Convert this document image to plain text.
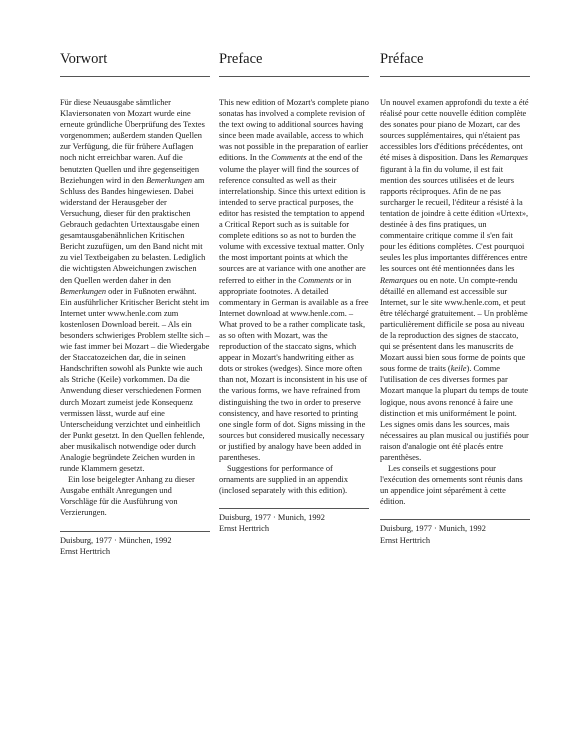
Vorwort

Für diese Neuausgabe sämtlicher Klaviersonaten von Mozart wurde eine erneute gründliche Überprüfung des Textes vorgenommen; außerdem standen Quellen zur Verfügung, die für frühere Auflagen noch nicht erreichbar waren. Auf die benutzten Quellen und ihre gegenseitigen Beziehungen wird in den Bemerkungen am Schluss des Bandes hingewiesen. Dabei widerstand der Herausgeber der Versuchung, dieser für den praktischen Gebrauch gedachten Urtextausgabe einen gesamtausgabenähnlichen Kritischen Bericht zuzufügen, um den Band nicht mit zu viel Textbeigaben zu belasten. Lediglich die wichtigsten Abweichungen zwischen den Quellen werden daher in den Bemerkungen oder in Fußnoten erwähnt. Ein ausführlicher Kritischer Bericht steht im Internet unter www.henle.com zum kostenlosen Download bereit. – Als ein besonders schwieriges Problem stellte sich – wie fast immer bei Mozart – die Wiedergabe der Staccatozeichen dar, die in seinen Handschriften sowohl als Punkte wie auch als Striche (Keile) vorkommen. Da die Anwendung dieser verschiedenen Formen durch Mozart zumeist jede Konsequenz vermissen lässt, wurde auf eine Unterscheidung verzichtet und einheitlich der Punkt gesetzt. In den Quellen fehlende, aber musikalisch notwendige oder durch Analogie begründete Zeichen wurden in runde Klammern gesetzt.

Ein lose beigelegter Anhang zu dieser Ausgabe enthält Anregungen und Vorschläge für die Ausführung von Verzierungen.

Duisburg, 1977 · München, 1992

Ernst Herttrich

Preface

This new edition of Mozart's complete piano sonatas has involved a complete revision of the text owing to additional sources having since been made available, access to which was not possible in the preparation of earlier editions. In the Comments at the end of the volume the player will find the sources of reference consulted as well as their interrelationship. Since this urtext edition is intended to serve practical purposes, the editor has resisted the temptation to append a Critical Report such as is suitable for complete editions so as not to burden the volume with excessive textual matter. Only the most important points at which the sources are at variance with one another are referred to either in the Comments or in appropriate footnotes. A detailed commentary in German is available as a free Internet download at www.henle.com. – What proved to be a rather complicate task, as so often with Mozart, was the reproduction of the staccato signs, which appear in Mozart's handwriting either as dots or strokes (wedges). Since more often than not, Mozart is inconsistent in his use of the various forms, we have refrained from distinguishing the two in order to preserve consistency, and have resorted to printing one single form of dot. Signs missing in the sources but considered musically necessary or justified by analogy have been added in parentheses.

Suggestions for performance of ornaments are supplied in an appendix (inclosed separately with this edition).

Duisburg, 1977 · Munich, 1992

Ernst Herttrich

Préface

Un nouvel examen approfondi du texte a été réalisé pour cette nouvelle édition complète des sonates pour piano de Mozart, car des sources supplémentaires, qui n'étaient pas accessibles lors d'éditions précédentes, ont été mises à disposition. Dans les Remarques figurant à la fin du volume, il est fait mention des sources utilisées et de leurs rapports réciproques. Afin de ne pas surcharger le recueil, l'éditeur a résisté à la tentation de joindre à cette édition «Urtext», destinée à des fins pratiques, un commentaire critique comme il s'en fait pour les éditions complètes. C'est pourquoi seules les plus importantes différences entre les sources ont été mentionnées dans les Remarques ou en note. Un compte-rendu détaillé en allemand est accessible sur Internet, sur le site www.henle.com, et peut être téléchargé gratuitement. – Un problème particulièrement difficile se posa au niveau de la reproduction des signes de staccato, qui se présentent dans les manuscrits de Mozart aussi bien sous forme de points que sous forme de traits (keile). Comme l'utilisation de ces diverses formes par Mozart manque la plupart du temps de toute logique, nous avons renoncé à faire une distinction et mis uniformément le point. Les signes omis dans les sources, mais nécessaires au plan musical ou justifiés pour raison d'analogie ont été placés entre parenthèses.

Les conseils et suggestions pour l'exécution des ornements sont réunis dans un appendice joint séparément à cette édition.

Duisburg, 1977 · Munich, 1992

Ernst Herttrich
